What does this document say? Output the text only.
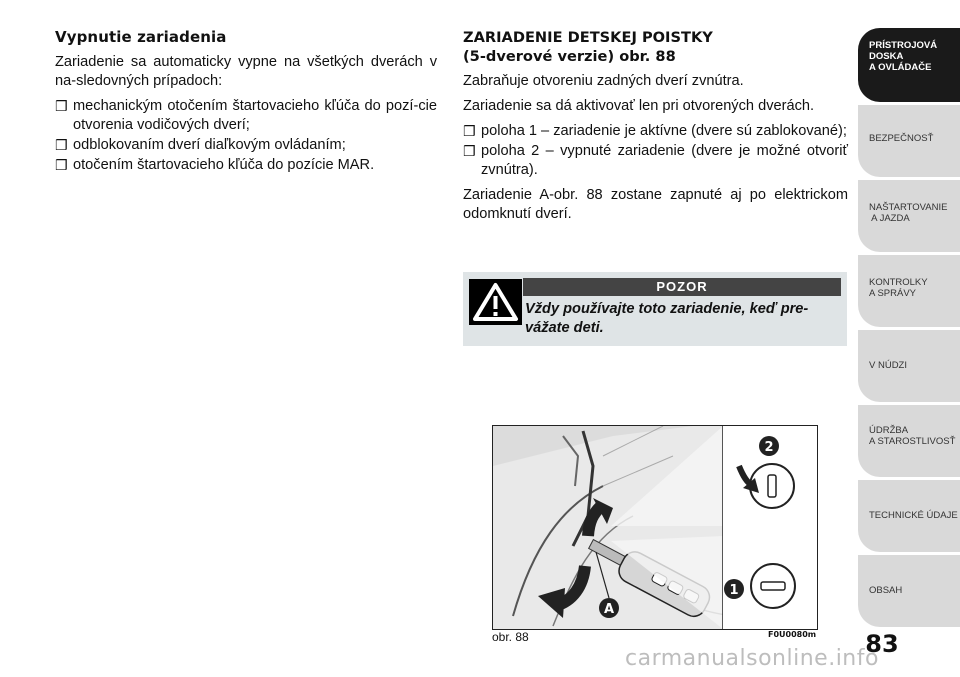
Vypnutie zariadenia

Zariadenie sa automaticky vypne na všetkých dverách v na-sledovných prípadoch:

❒ mechanickým otočením štartovacieho kľúča do pozí-cie otvorenia vodičových dverí;
❒ odblokovaním dverí diaľkovým ovládaním;
❒ otočením štartovacieho kľúča do pozície MAR.
ZARIADENIE DETSKEJ POISTKY
(5-dverové verzie) obr. 88

Zabraňuje otvoreniu zadných dverí zvnútra.

Zariadenie sa dá aktivovať len pri otvorených dverách.

❒ poloha 1 – zariadenie je aktívne (dvere sú zablokované);
❒ poloha 2 – vypnuté zariadenie (dvere je možné otvoriť zvnútra).

Zariadenie A-obr. 88 zostane zapnuté aj po elektrickom odomknutí dverí.

POZOR
Vždy používajte toto zariadenie, keď pre-vážate deti.
2
1
A
obr. 88	F0U0080m
PRÍSTROJOVÁ
DOSKA
A OVLÁDAČE
BEZPEČNOSŤ
NAŠTARTOVANIE
A JAZDA
KONTROLKY
A SPRÁVY
V NÚDZI
ÚDRŽBA
A STAROSTLIVOSŤ
TECHNICKÉ ÚDAJE
OBSAH
83
carmanualsonline.info
